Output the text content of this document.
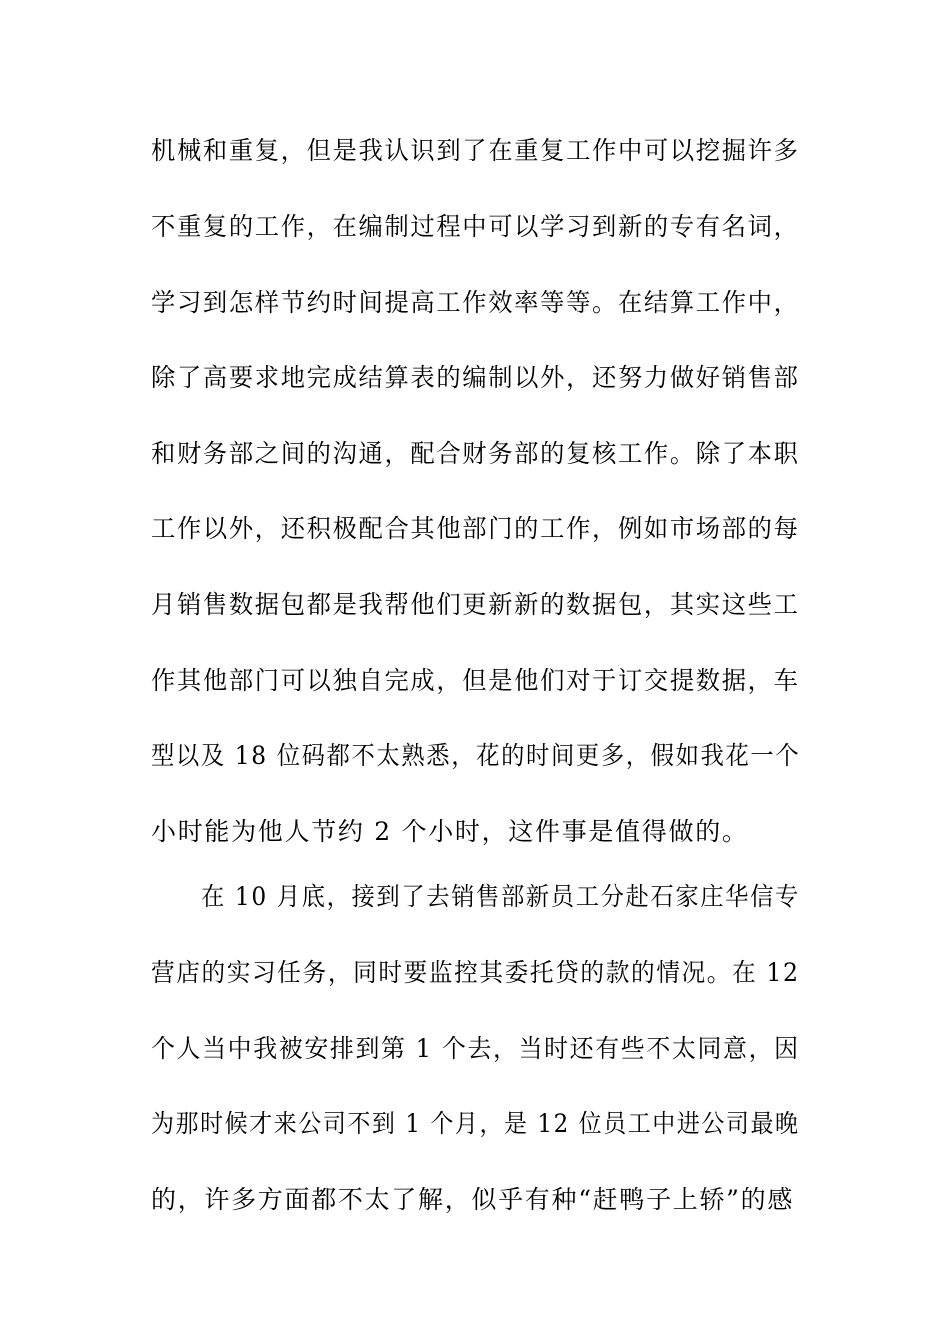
机械和重复，但是我认识到了在重复工作中可以挖掘许多
不重复的工作，在编制过程中可以学习到新的专有名词，
学习到怎样节约时间提高工作效率等等。在结算工作中，
除了高要求地完成结算表的编制以外，还努力做好销售部
和财务部之间的沟通，配合财务部的复核工作。除了本职
工作以外，还积极配合其他部门的工作，例如市场部的每
月销售数据包都是我帮他们更新新的数据包，其实这些工
作其他部门可以独自完成，但是他们对于订交提数据，车
型以及 18 位码都不太熟悉，花的时间更多，假如我花一个
小时能为他人节约 2 个小时，这件事是值得做的。
在 10 月底，接到了去销售部新员工分赴石家庄华信专
营店的实习任务，同时要监控其委托贷的款的情况。在 12
个人当中我被安排到第 1 个去，当时还有些不太同意，因
为那时候才来公司不到 1 个月，是 12 位员工中进公司最晚
的，许多方面都不太了解，似乎有种“赶鸭子上轿”的感
